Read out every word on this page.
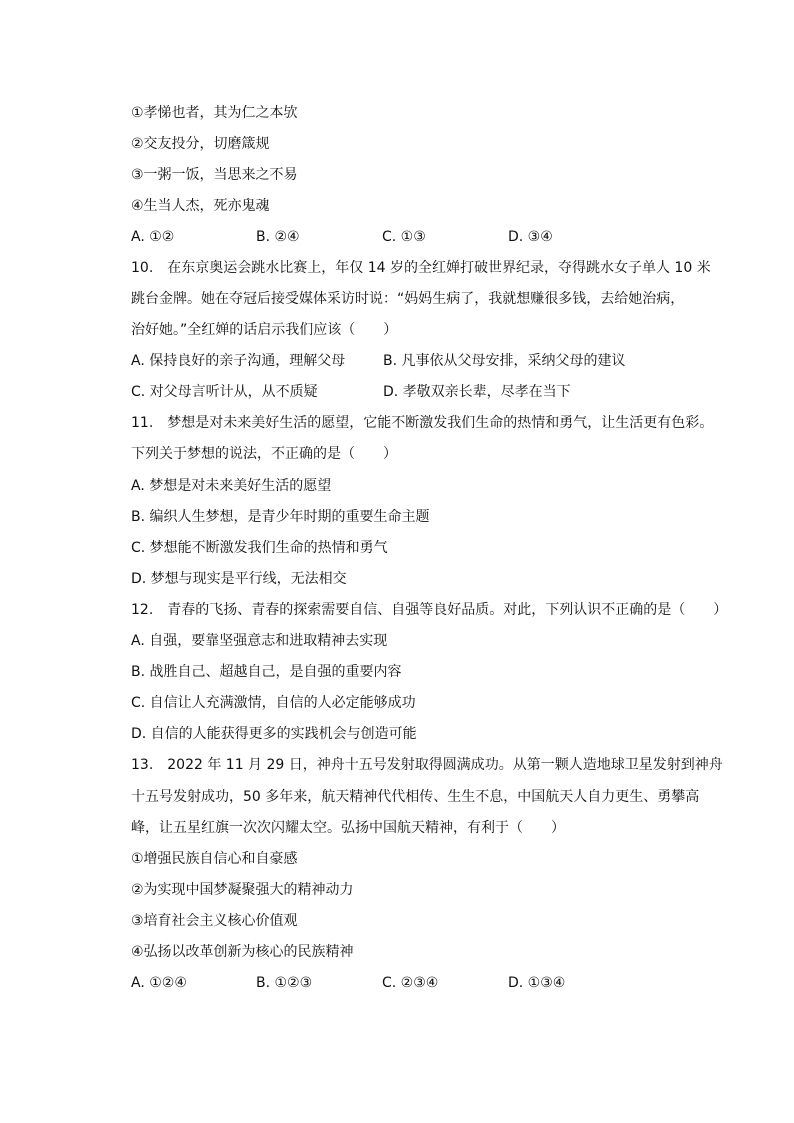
①孝悌也者，其为仁之本欤
②交友投分，切磨箴规
③一粥一饭，当思来之不易
④生当人杰，死亦鬼魂
A. ①②	B. ②④	C. ①③	D. ③④
10.　在东京奥运会跳水比赛上，年仅 14 岁的全红婵打破世界纪录，夺得跳水女子单人 10 米
跳台金牌。她在夺冠后接受媒体采访时说：“妈妈生病了，我就想赚很多钱，去给她治病，
治好她。”全红婵的话启示我们应该（　　）
A. 保持良好的亲子沟通，理解父母	B. 凡事依从父母安排，采纳父母的建议
C. 对父母言听计从，从不质疑	D. 孝敬双亲长辈，尽孝在当下
11.　梦想是对未来美好生活的愿望，它能不断激发我们生命的热情和勇气，让生活更有色彩。
下列关于梦想的说法，不正确的是（　　）
A. 梦想是对未来美好生活的愿望
B. 编织人生梦想，是青少年时期的重要生命主题
C. 梦想能不断激发我们生命的热情和勇气
D. 梦想与现实是平行线，无法相交
12.　青春的飞扬、青春的探索需要自信、自强等良好品质。对此，下列认识不正确的是（　　）
A. 自强，要靠坚强意志和进取精神去实现
B. 战胜自己、超越自己，是自强的重要内容
C. 自信让人充满激情，自信的人必定能够成功
D. 自信的人能获得更多的实践机会与创造可能
13.　2022 年 11 月 29 日，神舟十五号发射取得圆满成功。从第一颗人造地球卫星发射到神舟
十五号发射成功，50 多年来，航天精神代代相传、生生不息，中国航天人自力更生、勇攀高
峰，让五星红旗一次次闪耀太空。弘扬中国航天精神，有利于（　　）
①增强民族自信心和自豪感
②为实现中国梦凝聚强大的精神动力
③培育社会主义核心价值观
④弘扬以改革创新为核心的民族精神
A. ①②④	B. ①②③	C. ②③④	D. ①③④
